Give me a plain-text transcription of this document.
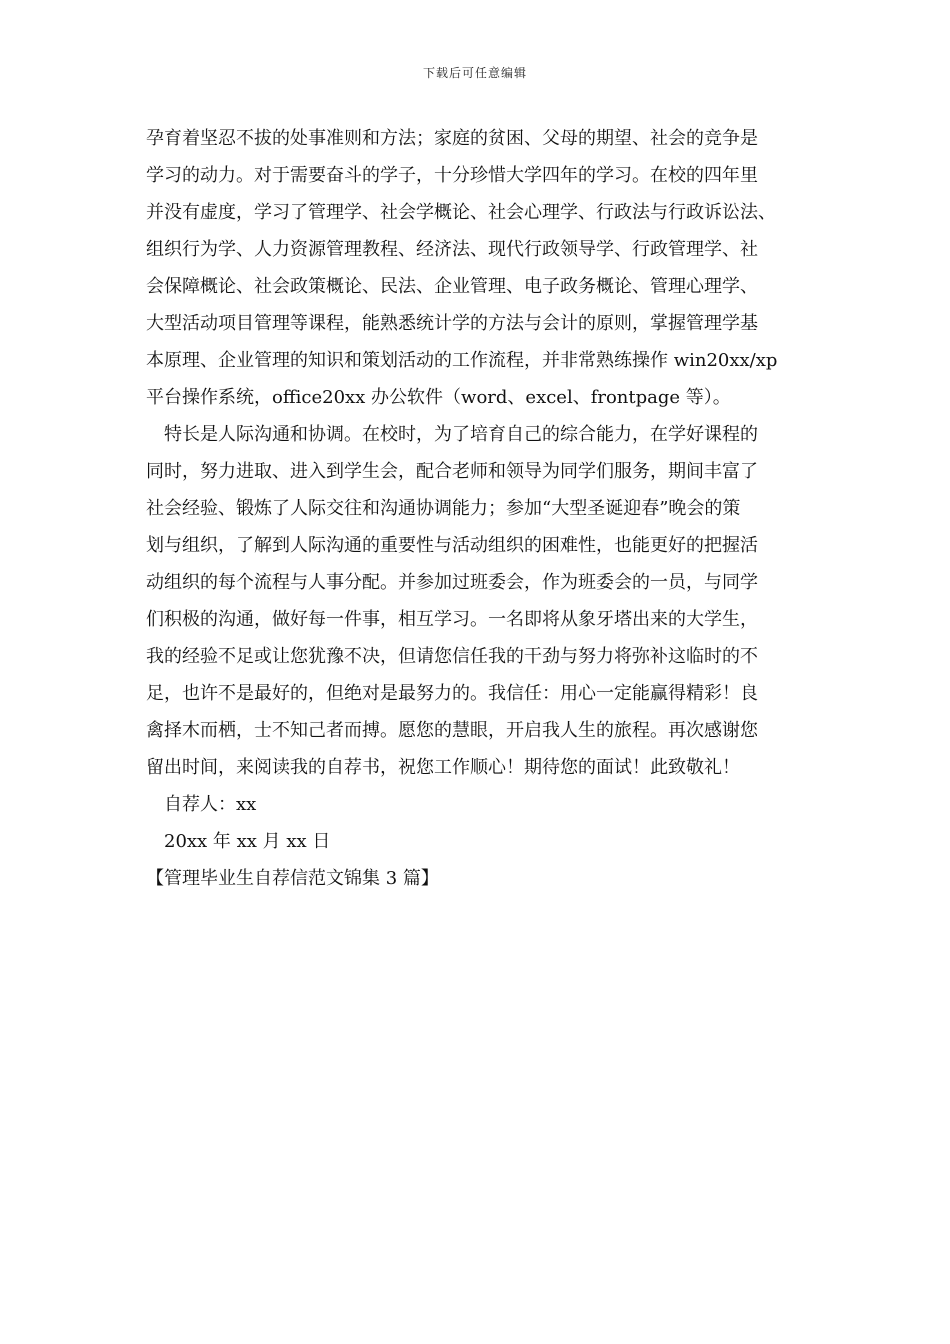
下载后可任意编辑
孕育着坚忍不拔的处事准则和方法；家庭的贫困、父母的期望、社会的竞争是
学习的动力。对于需要奋斗的学子，十分珍惜大学四年的学习。在校的四年里
并没有虚度，学习了管理学、社会学概论、社会心理学、行政法与行政诉讼法、
组织行为学、人力资源管理教程、经济法、现代行政领导学、行政管理学、社
会保障概论、社会政策概论、民法、企业管理、电子政务概论、管理心理学、
大型活动项目管理等课程，能熟悉统计学的方法与会计的原则，掌握管理学基
本原理、企业管理的知识和策划活动的工作流程，并非常熟练操作 win20xx/xp
平台操作系统，office20xx 办公软件（word、excel、frontpage 等）。
特长是人际沟通和协调。在校时，为了培育自己的综合能力，在学好课程的
同时，努力进取、进入到学生会，配合老师和领导为同学们服务，期间丰富了
社会经验、锻炼了人际交往和沟通协调能力；参加“大型圣诞迎春”晚会的策
划与组织，了解到人际沟通的重要性与活动组织的困难性，也能更好的把握活
动组织的每个流程与人事分配。并参加过班委会，作为班委会的一员，与同学
们积极的沟通，做好每一件事，相互学习。一名即将从象牙塔出来的大学生，
我的经验不足或让您犹豫不决，但请您信任我的干劲与努力将弥补这临时的不
足，也许不是最好的，但绝对是最努力的。我信任：用心一定能赢得精彩！良
禽择木而栖，士不知己者而搏。愿您的慧眼，开启我人生的旅程。再次感谢您
留出时间，来阅读我的自荐书，祝您工作顺心！期待您的面试！此致敬礼！
自荐人：xx
20xx 年 xx 月 xx 日
【管理毕业生自荐信范文锦集 3 篇】
